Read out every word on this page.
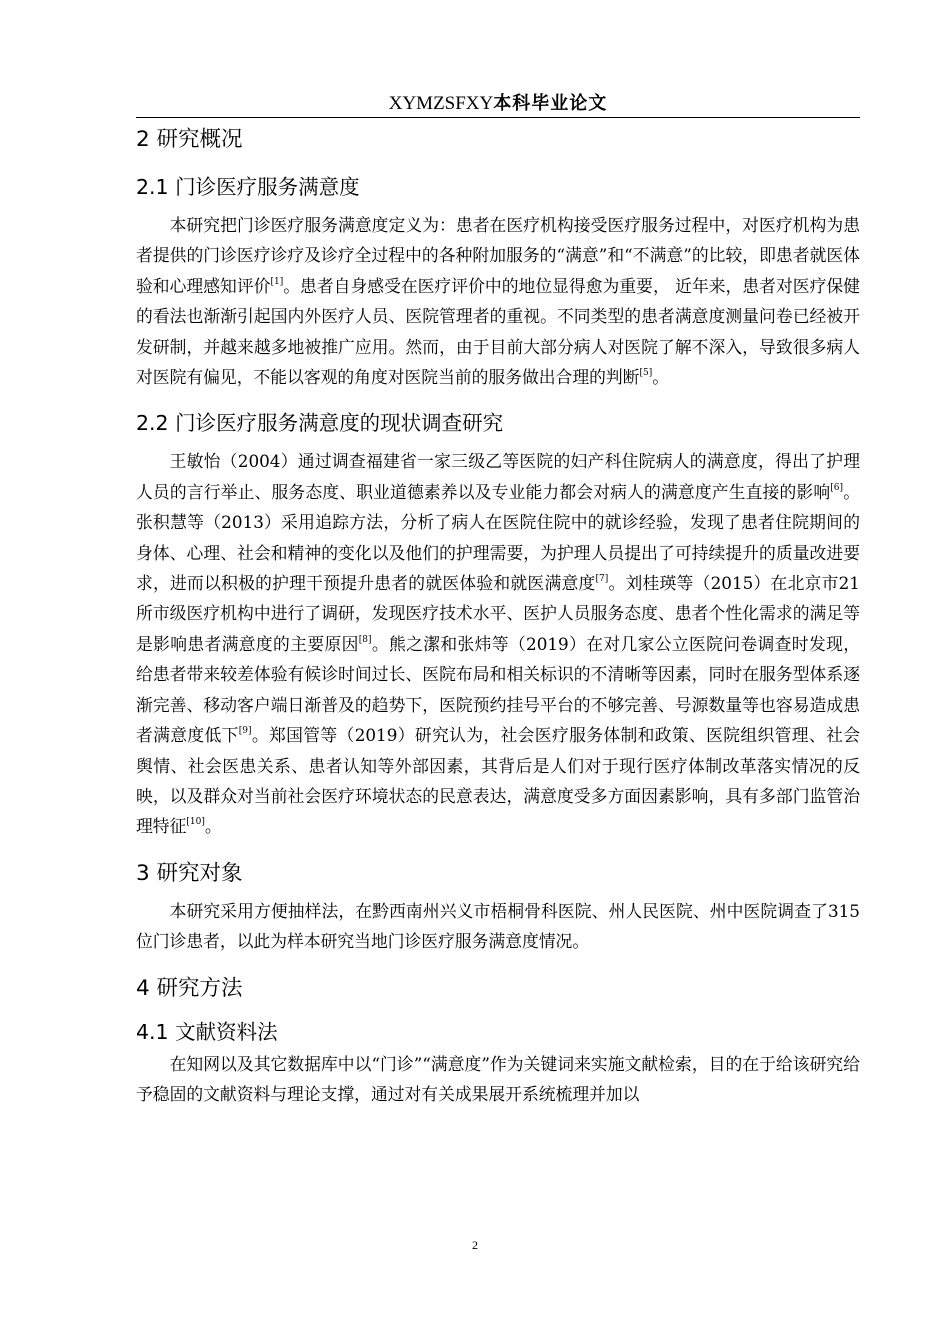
XYMZSFXY本科毕业论文
2 研究概况
2.1 门诊医疗服务满意度

本研究把门诊医疗服务满意度定义为：患者在医疗机构接受医疗服务过程中，对医疗机构为患者提供的门诊医疗诊疗及诊疗全过程中的各种附加服务的“满意”和“不满意”的比较，即患者就医体验和心理感知评价[1]。患者自身感受在医疗评价中的地位显得愈为重要， 近年来，患者对医疗保健的看法也渐渐引起国内外医疗人员、医院管理者的重视。不同类型的患者满意度测量问卷已经被开发研制，并越来越多地被推广应用。然而，由于目前大部分病人对医院了解不深入，导致很多病人对医院有偏见，不能以客观的角度对医院当前的服务做出合理的判断[5]。

2.2 门诊医疗服务满意度的现状调查研究

王敏怡（2004）通过调查福建省一家三级乙等医院的妇产科住院病人的满意度，得出了护理人员的言行举止、服务态度、职业道德素养以及专业能力都会对病人的满意度产生直接的影响[6]。张积慧等（2013）采用追踪方法，分析了病人在医院住院中的就诊经验，发现了患者住院期间的身体、心理、社会和精神的变化以及他们的护理需要，为护理人员提出了可持续提升的质量改进要求，进而以积极的护理干预提升患者的就医体验和就医满意度[7]。刘桂瑛等（2015）在北京市21所市级医疗机构中进行了调研，发现医疗技术水平、医护人员服务态度、患者个性化需求的满足等是影响患者满意度的主要原因[8]。熊之潔和张炜等（2019）在对几家公立医院问卷调查时发现，给患者带来较差体验有候诊时间过长、医院布局和相关标识的不清晰等因素，同时在服务型体系逐渐完善、移动客户端日渐普及的趋势下，医院预约挂号平台的不够完善、号源数量等也容易造成患者满意度低下[9]。郑国管等（2019）研究认为，社会医疗服务体制和政策、医院组织管理、社会舆情、社会医患关系、患者认知等外部因素，其背后是人们对于现行医疗体制改革落实情况的反映，以及群众对当前社会医疗环境状态的民意表达，满意度受多方面因素影响，具有多部门监管治理特征[10]。

3 研究对象

本研究采用方便抽样法，在黔西南州兴义市梧桐骨科医院、州人民医院、州中医院调查了315位门诊患者，以此为样本研究当地门诊医疗服务满意度情况。

4 研究方法
4.1 文献资料法

在知网以及其它数据库中以“门诊”“满意度”作为关键词来实施文献检索，目的在于给该研究给予稳固的文献资料与理论支撑，通过对有关成果展开系统梳理并加以

2
